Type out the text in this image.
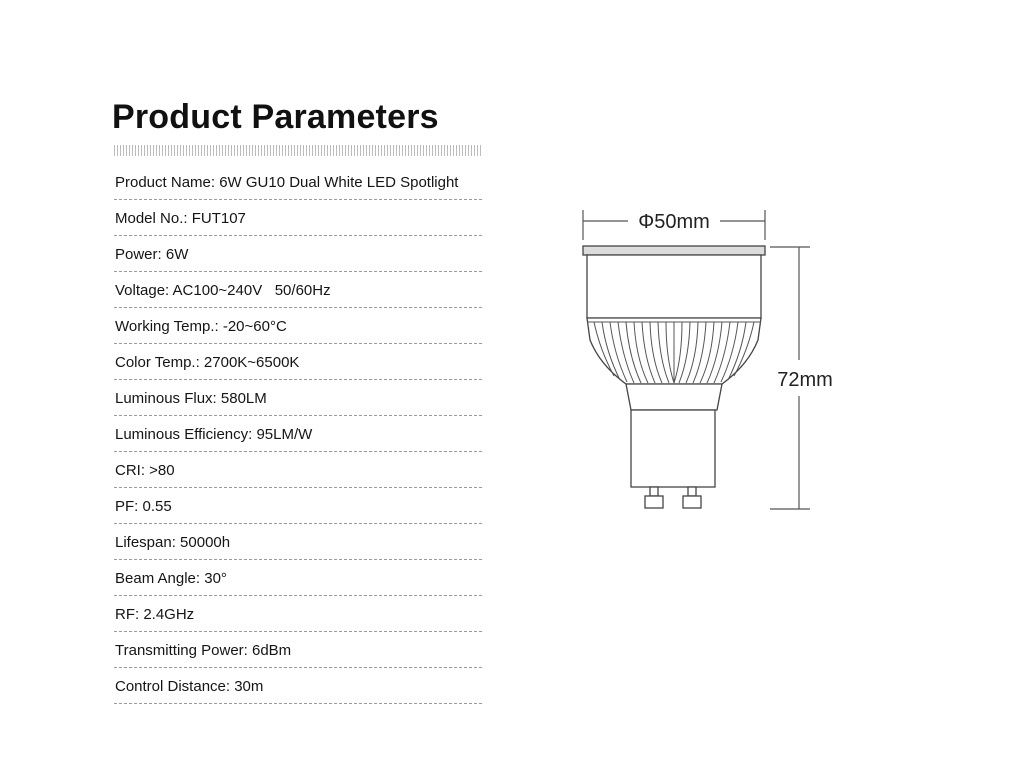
Product Parameters
Product Name: 6W GU10 Dual White LED Spotlight
Model No.: FUT107
Power: 6W
Voltage: AC100~240V   50/60Hz
Working Temp.: -20~60°C
Color Temp.: 2700K~6500K
Luminous Flux: 580LM
Luminous Efficiency: 95LM/W
CRI: >80
PF: 0.55
Lifespan: 50000h
Beam Angle: 30°
RF: 2.4GHz
Transmitting Power: 6dBm
Control Distance: 30m
Φ50mm
72mm
